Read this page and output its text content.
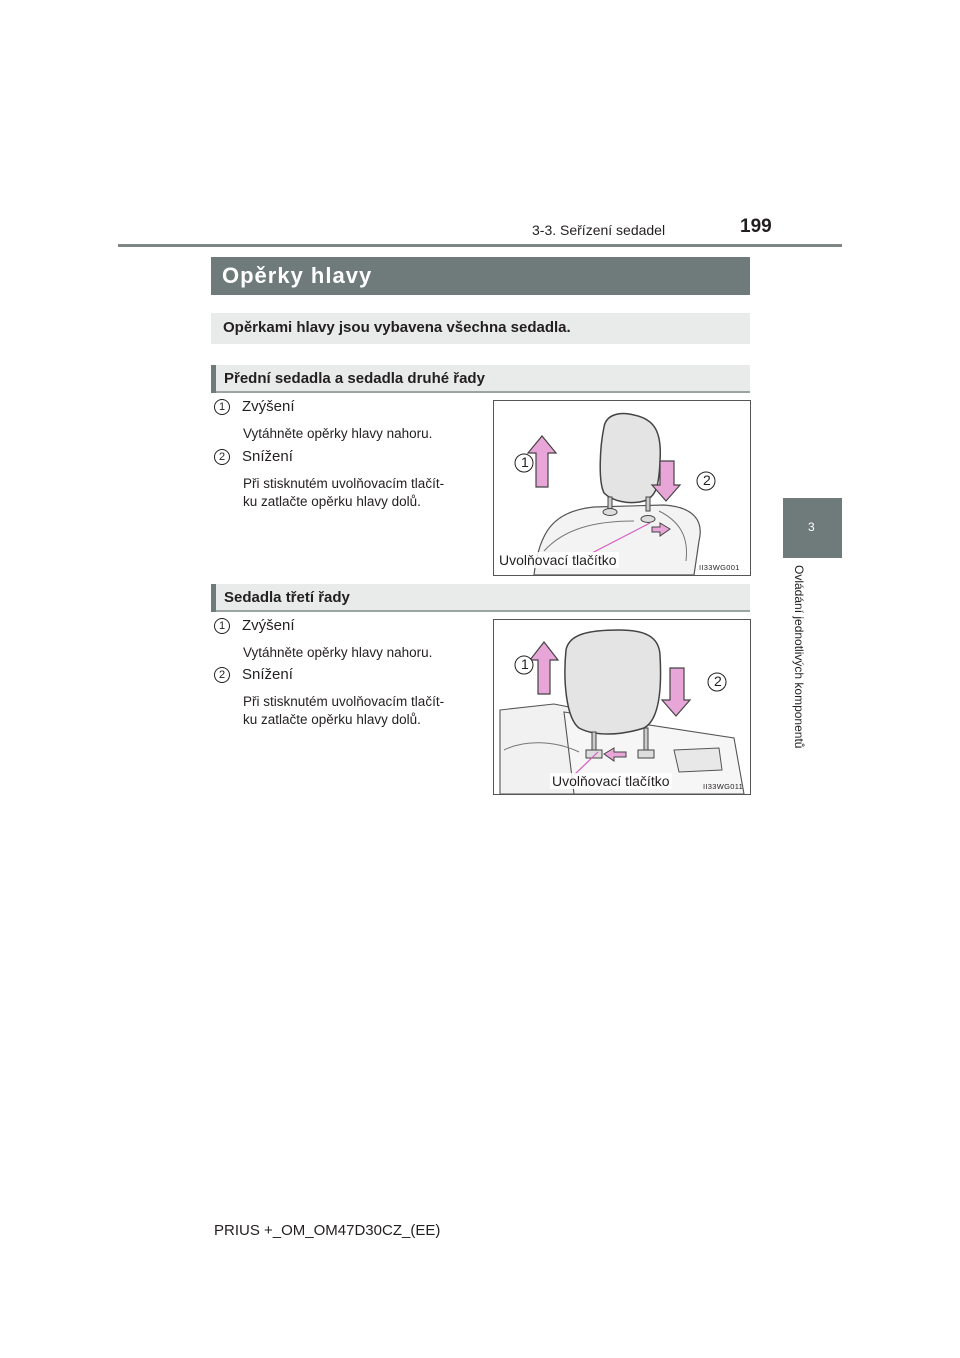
3-3. Seřízení sedadel	199
Opěrky hlavy
Opěrkami hlavy jsou vybavena všechna sedadla.
Přední sedadla a sedadla druhé řady
1	Zvýšení
Vytáhněte opěrky hlavy nahoru.
2	Snížení
Při stisknutém uvolňovacím tlačít-
ku zatlačte opěrku hlavy dolů.
1
2
Uvolňovací tlačítko	II33WG001
Sedadla třetí řady
1	Zvýšení
Vytáhněte opěrky hlavy nahoru.
2	Snížení
Při stisknutém uvolňovacím tlačít-
ku zatlačte opěrku hlavy dolů.
1
2
Uvolňovací tlačítko	II33WG011
3
Ovládání jednotlivých komponentů
PRIUS +_OM_OM47D30CZ_(EE)
